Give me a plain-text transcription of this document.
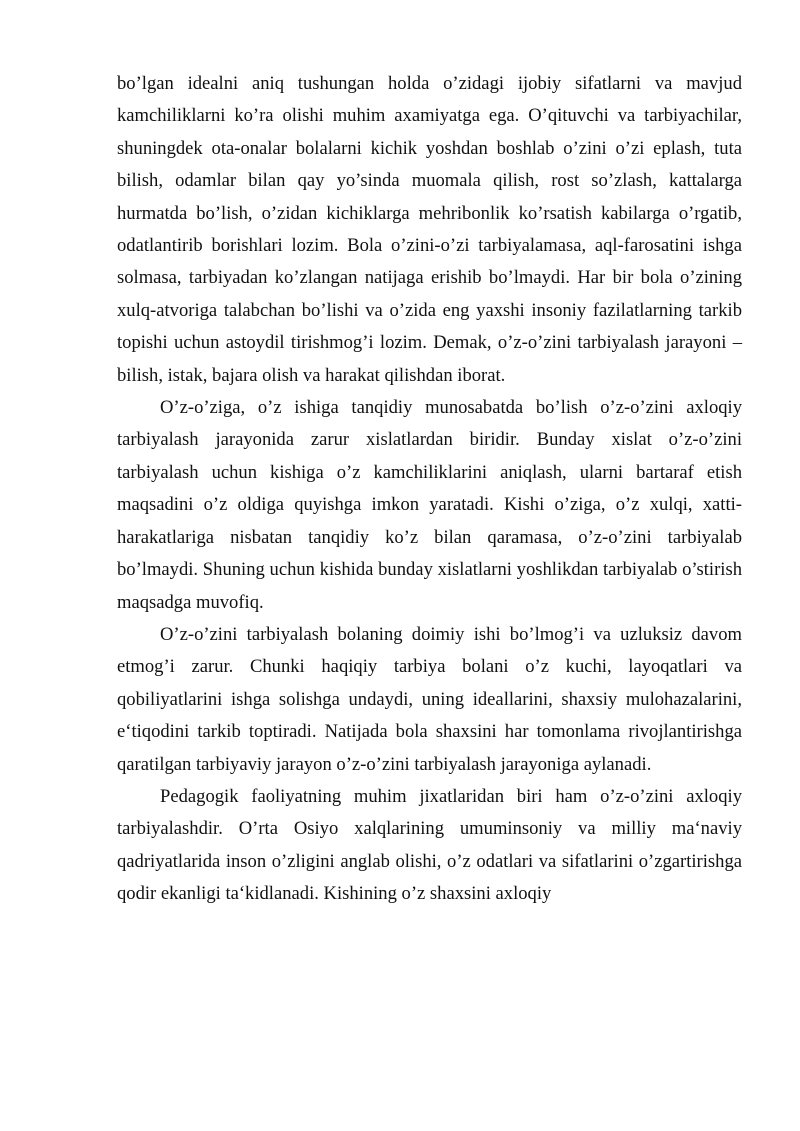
bo’lgan idealni aniq tushungan holda o’zidagi ijobiy sifatlarni va mavjud kamchiliklarni ko’ra olishi muhim axamiyatga ega. O’qituvchi va tarbiyachilar, shuningdek ota-onalar bolalarni kichik yoshdan boshlab o’zini o’zi eplash, tuta bilish, odamlar bilan qay yo’sinda muomala qilish, rost so’zlash, kattalarga hurmatda bo’lish, o’zidan kichiklarga mehribonlik ko’rsatish kabilarga o’rgatib, odatlantirib borishlari lozim. Bola o’zini-o’zi tarbiyalamasa, aql-farosatini ishga solmasa, tarbiyadan ko’zlangan natijaga erishib bo’lmaydi. Har bir bola o’zining xulq-atvoriga talabchan bo’lishi va o’zida eng yaxshi insoniy fazilatlarning tarkib topishi uchun astoydil tirishmog’i lozim. Demak, o’z-o’zini tarbiyalash jarayoni –bilish, istak, bajara olish va harakat qilishdan iborat.

O’z-o’ziga, o’z ishiga tanqidiy munosabatda bo’lish o’z-o’zini axloqiy tarbiyalash jarayonida zarur xislatlardan biridir. Bunday xislat o’z-o’zini tarbiyalash uchun kishiga o’z kamchiliklarini aniqlash, ularni bartaraf etish maqsadini o’z oldiga quyishga imkon yaratadi. Kishi o’ziga, o’z xulqi, xatti-harakatlariga nisbatan tanqidiy ko’z bilan qaramasa, o’z-o’zini tarbiyalab bo’lmaydi. Shuning uchun kishida bunday xislatlarni yoshlikdan tarbiyalab o’stirish maqsadga muvofiq.

O’z-o’zini tarbiyalash bolaning doimiy ishi bo’lmog’i va uzluksiz davom etmog’i zarur. Chunki haqiqiy tarbiya bolani o’z kuchi, layoqatlari va qobiliyatlarini ishga solishga undaydi, uning ideallarini, shaxsiy mulohazalarini, e‘tiqodini tarkib toptiradi. Natijada bola shaxsini har tomonlama rivojlantirishga qaratilgan tarbiyaviy jarayon o’z-o’zini tarbiyalash jarayoniga aylanadi.

Pedagogik faoliyatning muhim jixatlaridan biri ham o’z-o’zini axloqiy tarbiyalashdir. O’rta Osiyo xalqlarining umuminsoniy va milliy ma‘naviy qadriyatlarida inson o’zligini anglab olishi, o’z odatlari va sifatlarini o’zgartirishga qodir ekanligi ta‘kidlanadi. Kishining o’z shaxsini axloqiy
